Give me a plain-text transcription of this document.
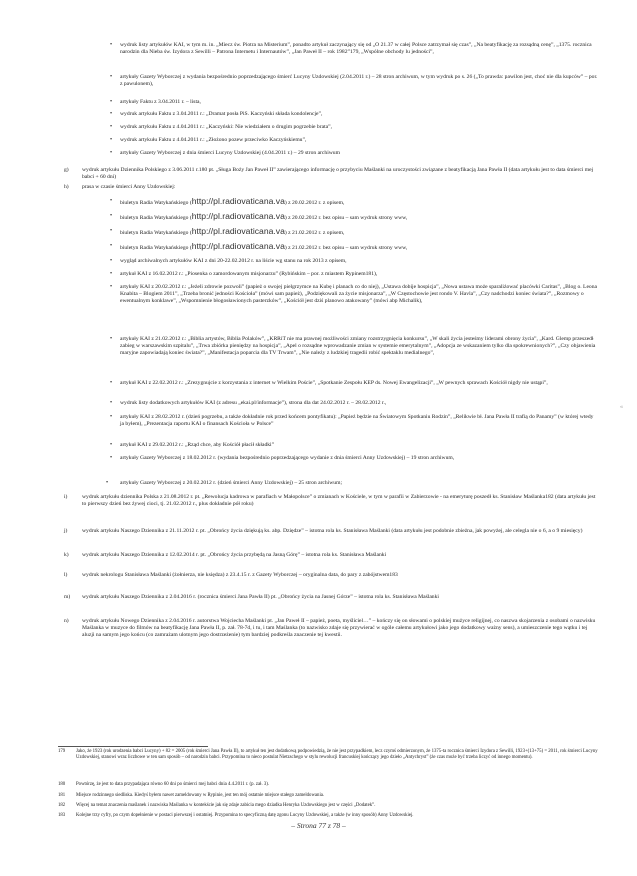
• wydruk listy artykułów KAI, w tym m. in. „Miecz św. Piotra na Misterium”, ponadto artykuł zaczynający się od „O 21.37 w całej Polsce zatrzymał się czas”, „Na beatyfikację za rozsądną cenę”, „1375. rocznica narodzin dla Nieba św. Izydora z Sewilli – Patrona Internetu i Internautów”, „Jan Paweł II – rok 1982”179, „Wspólne obchody lu jedności”,
• artykuły Gazety Wyborczej z wydania bezpośrednio poprzedzającego śmierć Lucyny Uzdowskiej (2.04.2011 r.) – 28 stron archiwum, w tym wydruk po s. 26 („To prawda: pawilon jest, choć nie dla kupców” – por. z pawulonem),
• artykuły Faktu z 3.04.2011 r. – lista,
• wydruk artykułu Faktu z 3.04.2011 r.: „Dramat posła PiS. Kaczyński składa kondolencje”,
• wydruk artykułu Faktu z 4.04.2011 r.: „Kaczyński: Nie wiedziałem o drugim pogrzebie brata”,
• wydruk artykułu Faktu z 4.04.2011 r.: „Złożono pozew przeciwko Kaczyńskiemu”,
• artykuły Gazety Wyborczej z dnia śmierci Lucyny Uzdowskiej (4.04.2011 r.) – 29 stron archiwum
g) wydruk artykułu Dziennika Polskiego z 3.06.2011 r.180 pt. „Sługa Boży Jan Paweł II” zawierającego informację o przybyciu Maślanki na uroczystości związane z beatyfikacją Jana Pawła II (data artykułu jest to data śmierci mej babci + 60 dni)
h) prasa w czasie śmierci Anny Uzdowskiej:
• biuletyn Radia Watykańskiego (http://pl.radiovaticana.va) z 20.02.2012 r. z opisem,
• biuletyn Radia Watykańskiego (http://pl.radiovaticana.va) z 20.02.2012 r. bez opisu – sam wydruk strony www,
• biuletyn Radia Watykańskiego (http://pl.radiovaticana.va) z 21.02.2012 r. z opisem,
• biuletyn Radia Watykańskiego (http://pl.radiovaticana.va) z 21.02.2012 r. bez opisu – sam wydruk strony www,
• wygląd archiwalnych artykułów KAI z dni 20-22.02.2012 r. na liście wg stanu na rok 2013 z opisem,
• artykuł KAI z 16.02.2012 r.: „Piosenka o zamordowanym misjonarzu” (Rybińskim – por. z miastem Rypinem181),
• artykuły KAI z 20.02.2012 r.: „Jeżeli zdrowie pozwoli” (papież o swojej pielgrzymce na Kubę i planach co do niej), „Ustawa dobije hospicja”, „Nowa ustawa może sparaliżować placówki Caritas”, „Blog o. Leona Knabita – Blogiem 2011”, „Trzeba bronić jedności Kościoła” (mówi sam papież), „Podziękowali za życie misjonarza”, „W Częstochowie jest rondo V. Havla”, „Czy nadchodzi koniec świata?”, „Rozmowy o ewentualnym konklawe”, „Wspomnienie błogosławionych pasterzków”, „Kościół jest dziś planowo atakowany” (mówi abp Michalik),
• artykuły KAI z 21.02.2012 r.: „Biblia artystów, Biblia Polaków”, „KRRiT nie ma prawnej możliwości zmiany rozstrzygnięcia konkursu”, „W skali życia jesteśmy liderami obrony życia”, „Kard. Glemp przeszedł zabieg w warszawskim szpitalu”, „Trwa zbiórka pieniędzy na hospicja”, „Apel o rozsądne wprowadzanie zmian w systemie emerytalnym”, „Adopcja ze wskazaniem tylko dla spokrewnionych?”, „Czy objawienia maryjne zapowiadają koniec świata?”, „Manifestacja poparcia dla TV Trwam”, „Nie należy z ludzkiej tragedii robić spektaklu medialnego”,
• artykuł KAI z 22.02.2012 r.: „Zrezygnujcie z korzystania z internet w Wielkim Poście”, „Spotkanie Zespołu KEP ds. Nowej Ewangelizacji”, „W pewnych sprawach Kościół nigdy nie ustąpi”,
• wydruk listy dodatkowych artykułów KAI (z adresu „ekai.pl/informacje”), strona dla dat 24.02.2012 r. – 28.02.2012 r.,
• artykuły KAI z 28.02.2012 r. (dzień pogrzebu, a także dokładnie rok przed końcem pontyfikatu): „Papież będzie na Światowym Spotkaniu Rodzin”, „Relikwie bł. Jana Pawła II trafią do Panamy” (w której wtedy ja byłem), „Prezentacja raportu KAI o finansach Kościoła w Polsce”
• artykuł KAI z 29.02.2012 r.: „Rząd chce, aby Kościół płacił składki”
• artykuły Gazety Wyborczej z 18.02.2012 r. (wydania bezpośrednio poprzedzającego wydanie z dnia śmierci Anny Uzdowskiej) – 19 stron archiwum,
• artykuły Gazety Wyborczej z 20.02.2012 r. (dzień śmierci Anny Uzdowskiej) – 25 stron archiwum;
i)	wydruk artykułu dziennika Polska z 21.08.2012 r. pt. „Rewolucja kadrowa w parafiach w Małopolsce” o zmianach w Kościele, w tym w parafii w Zabierzowie - na emeryturę poszedł ks. Stanisław Maślanka182 (data artykułu jest to pierwszy dzień bez żywej cioci, tj. 21.02.2012 r., plus dokładnie pół roku)
j)	wydruk artykułu Naszego Dziennika z 21.11.2012 r. pt. „Obrońcy życia dziękują ks. abp. Dziędze” – istotna rola ks. Stanisława Maślanki (data artykułu jest podobnie zbieżna, jak powyżej, ale celegla nie o 6, a o 9 miesięcy)
k) wydruk artykułu Naszego Dziennika z 12.02.2014 r. pt. „Obrońcy życia przybędą na Jasną Górę” – istotna rola ks. Stanisława Maślanki
l)	wydruk nekrologu Stanisława Maślanki (żołnierza, nie księdza) z 23.4.15 r. z Gazety Wyborczej – oryginalna data, do pary z zabójstwem183
m) wydruk artykułu Naszego Dziennika z 2.04.2016 r. (rocznica śmierci Jana Pawła II) pt. „Obrońcy życia na Jasnej Górze” – istotna rola ks. Stanisława Maślanki
n) wydruk artykułu Nowego Dziennika z 2.04.2016 r. autorstwa Wojciecha Maślanki pt. „Jan Paweł II – papież, poeta, myśliciel…” – kończy się on słowami o polskiej mużyce religijnej, co naszwa skojarzenia z osobami o nazwisku Maślanka w muzyce do filmów na beatyfikację Jana Pawła II, p. zał. 78-7d, i tu, i tam Maślanka (to nazwisko zdaje się przywierać w ogóle całemu artykułowi jako jego dodatkowy ważny sens), a umieszczenie tego wątku i tej aluzji na samym jego końcu (co zamrażam ulotnym jego dostrzeżenie) tym bardziej podkreśla znaczenie tej kwestii.
179 Jako, że 1923 (rok urodzenia babci Lucyny) + 82 = 2005 (rok śmierci Jana Pawła II), to artykuł ten jest dodatkową podpowiedzią, że nie jest przypadkiem, lecz czymś odmierzonym, że 1375-ta rocznica śmierci Izydora z Sewilli, 1923+(13+75) = 2011, rok śmierci Lucyny Uzdowskiej, stanowi wraz liczbowe w ten sam sposób – od narodzin babci. Przypomina to nieco postulat Nietzschego w stylu rewolucji francuskiej kończący jego dzieło „Antychryst” (że czas może być trzeba liczyć od innego momentu).
180 Powtórzę, że jest to data przypadająca równo 60 dni po śmierci mej babci dnia 4.4.2011 r. (p. zał. 3).
181 Miejsce rodzinnego siedliska. Kiedyś byłem nawet zameldowany w Rypinie, jest ten mój ostatnie miejsce stałego zameldowania.
182 Więcej na temat znaczenia maślanek i nazwiska Maślanka w kontekście jak się zdaje zabicia mego dziadka Henryka Uzdowskiego jest w części „Dodatek”.
183 Kolejne trzy cyfry, po czym dopełnienie w postaci pierwszej i ostatniej. Przypomina to specyficzną datę zgonu Lucyny Uzdowskiej, a także (w inny sposób) Anny Uzdowskiej.
«
– Strona 77 z 78 –
